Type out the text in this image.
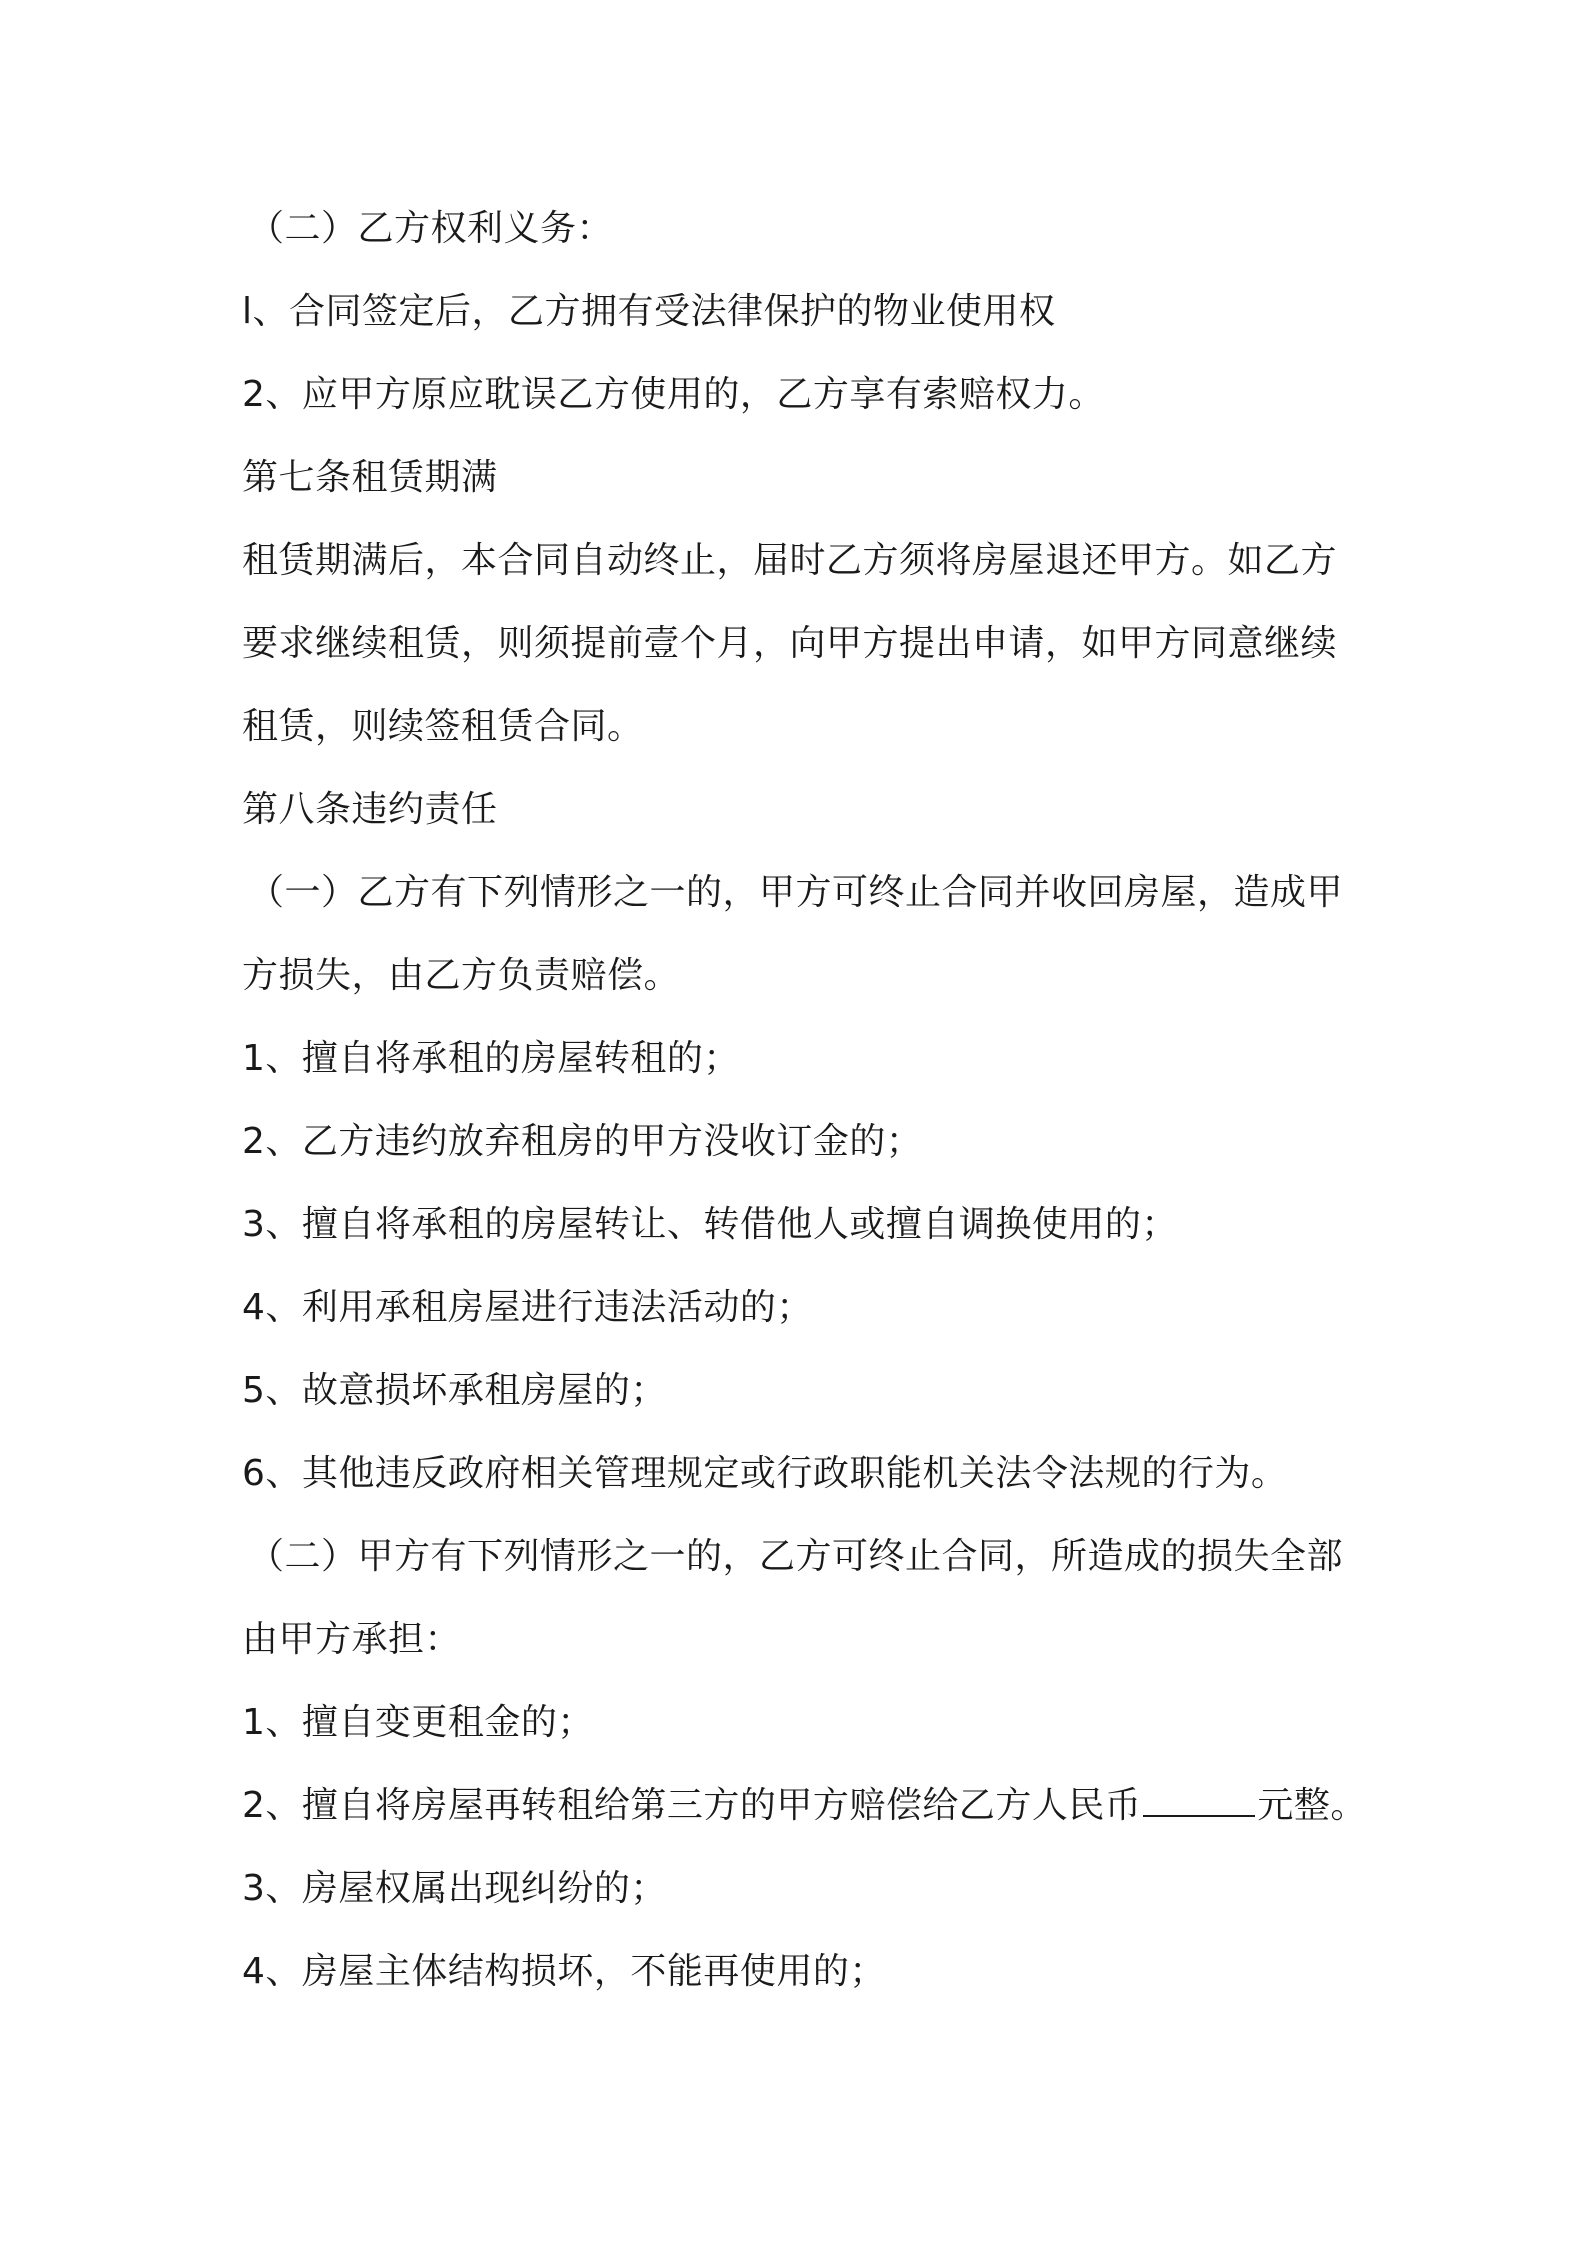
（二）乙方权利义务：

l、合同签定后，乙方拥有受法律保护的物业使用权

2、应甲方原应耽误乙方使用的，乙方享有索赔权力。

第七条租赁期满

租赁期满后，本合同自动终止，届时乙方须将房屋退还甲方。如乙方

要求继续租赁，则须提前壹个月，向甲方提出申请，如甲方同意继续

租赁，则续签租赁合同。

第八条违约责任

（一）乙方有下列情形之一的，甲方可终止合同并收回房屋，造成甲

方损失，由乙方负责赔偿。

1、擅自将承租的房屋转租的；

2、乙方违约放弃租房的甲方没收订金的；

3、擅自将承租的房屋转让、转借他人或擅自调换使用的；

4、利用承租房屋进行违法活动的；

5、故意损坏承租房屋的；

6、其他违反政府相关管理规定或行政职能机关法令法规的行为。

（二）甲方有下列情形之一的，乙方可终止合同，所造成的损失全部

由甲方承担：

1、擅自变更租金的；

2、擅自将房屋再转租给第三方的甲方赔偿给乙方人民币	元整。

3、房屋权属出现纠纷的；

4、房屋主体结构损坏，不能再使用的；
